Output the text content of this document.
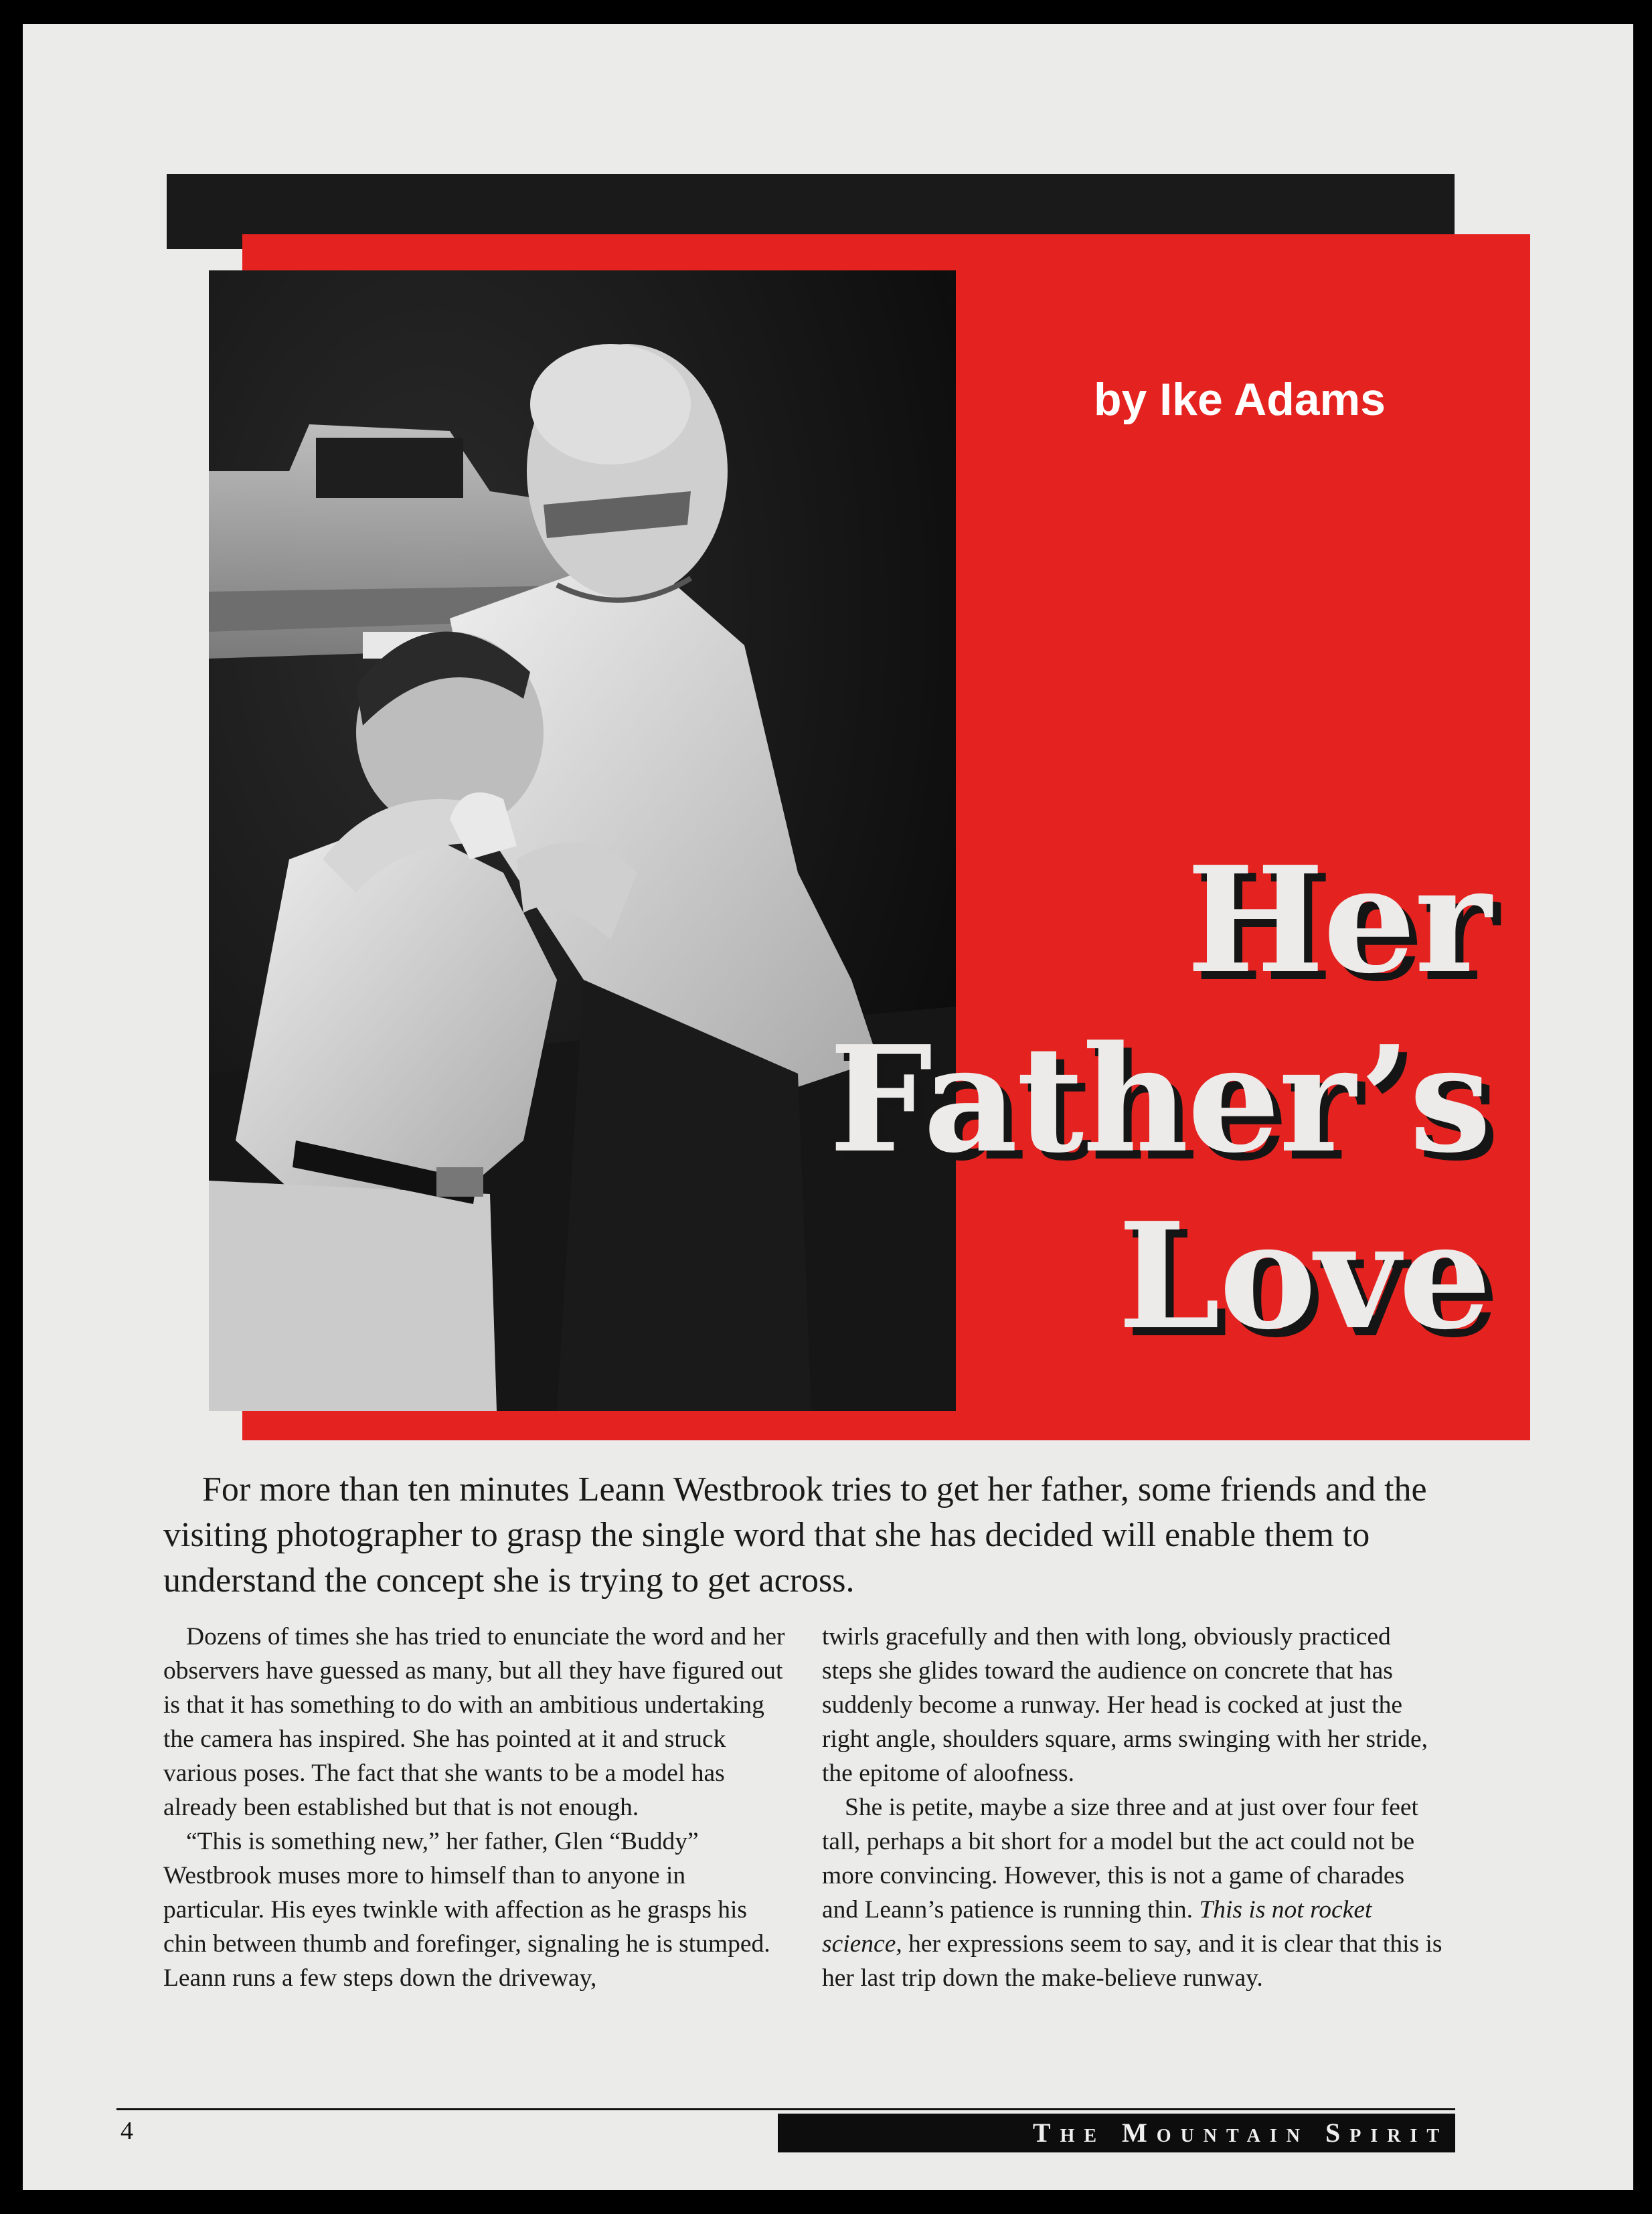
ADAMS
by Ike Adams
Her
Father’s
Love
For more than ten minutes Leann Westbrook tries to get her father, some friends and the visiting photographer to grasp the single word that she has decided will enable them to understand the concept she is trying to get across.

Dozens of times she has tried to enunciate the word and her observers have guessed as many, but all they have figured out is that it has something to do with an ambitious undertaking the camera has inspired. She has pointed at it and struck various poses. The fact that she wants to be a model has already been established but that is not enough.

“This is something new,” her father, Glen “Buddy” Westbrook muses more to himself than to anyone in particular. His eyes twinkle with affection as he grasps his chin between thumb and forefinger, signaling he is stumped. Leann runs a few steps down the driveway,

twirls gracefully and then with long, obviously practiced steps she glides toward the audience on concrete that has suddenly become a runway. Her head is cocked at just the right angle, shoulders square, arms swinging with her stride, the epitome of aloofness.

She is petite, maybe a size three and at just over four feet tall, perhaps a bit short for a model but the act could not be more convincing. However, this is not a game of charades and Leann’s patience is running thin. This is not rocket science, her expressions seem to say, and it is clear that this is her last trip down the make-believe runway.

4	The Mountain Spirit
